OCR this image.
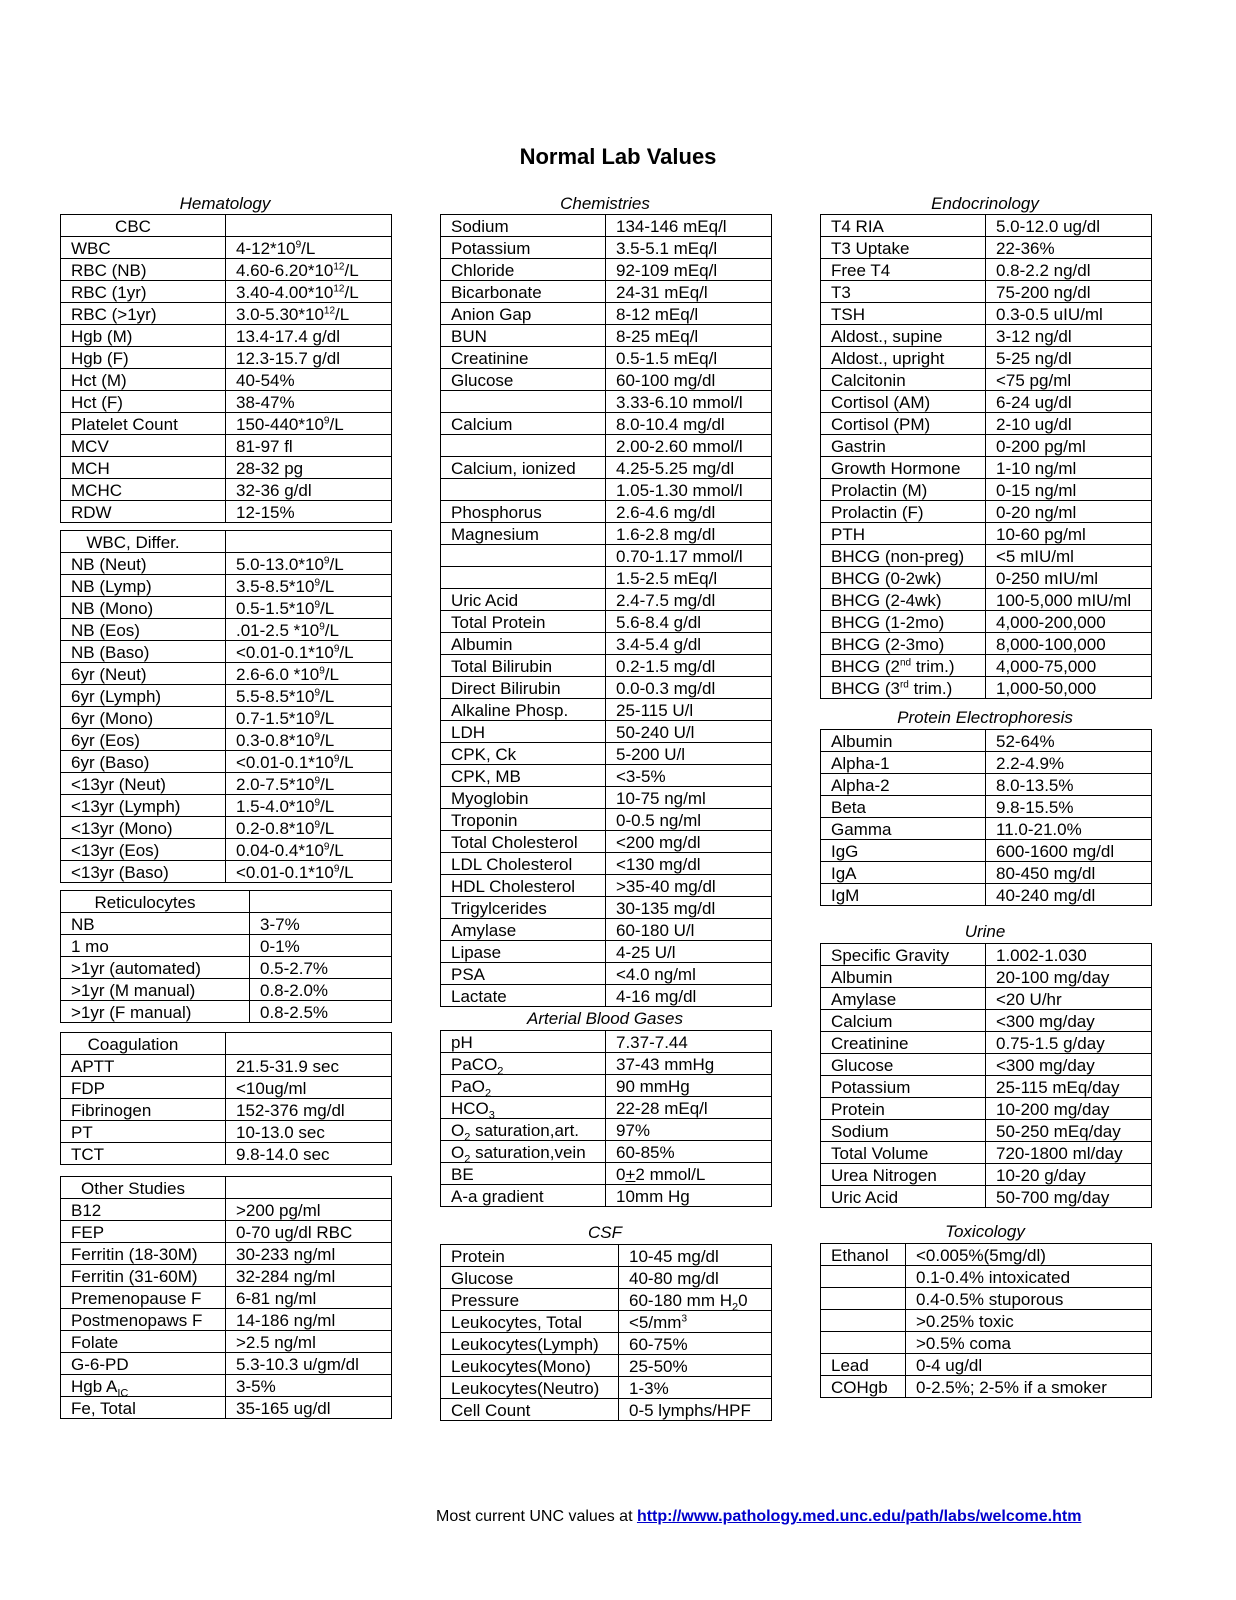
Normal Lab Values
Hematology
CBC	
WBC	$4-12*10^9/L$
RBC (NB)	$4.60-6.20*10^{12}/L$
RBC (1yr)	$3.40-4.00*10^{12}/L$
RBC (>1yr)	$3.0-5.30*10^{12}/L$
Hgb (M)	13.4-17.4 g/dl
Hgb (F)	12.3-15.7 g/dl
Hct (M)	40-54%
Hct (F)	38-47%
Platelet Count	$150-440*10^9/L$
MCV	81-97 fl
MCH	28-32 pg
MCHC	32-36 g/dl
RDW	12-15%
WBC, Differ.	
NB (Neut)	$5.0-13.0*10^9/L$
NB (Lymp)	$3.5-8.5*10^9/L$
NB (Mono)	$0.5-1.5*10^9/L$
NB (Eos)	.01-2.5 $*10^9/L$
NB (Baso)	$<0.01-0.1*10^9/L$
6yr (Neut)	2.6-6.0 $*10^9/L$
6yr (Lymph)	$5.5-8.5*10^9/L$
6yr (Mono)	$0.7-1.5*10^9/L$
6yr (Eos)	$0.3-0.8*10^9/L$
6yr (Baso)	$<0.01-0.1*10^9/L$
<13yr (Neut)	$2.0-7.5*10^9/L$
<13yr (Lymph)	$1.5-4.0*10^9/L$
<13yr (Mono)	$0.2-0.8*10^9/L$
<13yr (Eos)	$0.04-0.4*10^9/L$
<13yr (Baso)	$<0.01-0.1*10^9/L$
Reticulocytes	
NB	3-7%
1 mo	0-1%
>1yr (automated)	0.5-2.7%
>1yr (M manual)	0.8-2.0%
>1yr (F manual)	0.8-2.5%
Coagulation	
APTT	21.5-31.9 sec
FDP	<10ug/ml
Fibrinogen	152-376 mg/dl
PT	10-13.0 sec
TCT	9.8-14.0 sec
Other Studies	
B12	>200 pg/ml
FEP	0-70 ug/dl RBC
Ferritin (18-30M)	30-233 ng/ml
Ferritin (31-60M)	32-284 ng/ml
Premenopause F	6-81 ng/ml
Postmenopaws F	14-186 ng/ml
Folate	>2.5 ng/ml
G-6-PD	5.3-10.3 u/gm/dl
Hgb $A_{IC}$	3-5%
Fe, Total	35-165 ug/dl
Chemistries
Sodium	134-146 mEq/l
Potassium	3.5-5.1 mEq/l
Chloride	92-109 mEq/l
Bicarbonate	24-31 mEq/l
Anion Gap	8-12 mEq/l
BUN	8-25 mEq/l
Creatinine	0.5-1.5 mEq/l
Glucose	60-100 mg/dl
	3.33-6.10 mmol/l
Calcium	8.0-10.4 mg/dl
	2.00-2.60 mmol/l
Calcium, ionized	4.25-5.25 mg/dl
	1.05-1.30 mmol/l
Phosphorus	2.6-4.6 mg/dl
Magnesium	1.6-2.8 mg/dl
	0.70-1.17 mmol/l
	1.5-2.5 mEq/l
Uric Acid	2.4-7.5 mg/dl
Total Protein	5.6-8.4 g/dl
Albumin	3.4-5.4 g/dl
Total Bilirubin	0.2-1.5 mg/dl
Direct Bilirubin	0.0-0.3 mg/dl
Alkaline Phosp.	25-115 U/l
LDH	50-240 U/l
CPK, Ck	5-200 U/l
CPK, MB	<3-5%
Myoglobin	10-75 ng/ml
Troponin	0-0.5 ng/ml
Total Cholesterol	<200 mg/dl
LDL Cholesterol	<130 mg/dl
HDL Cholesterol	>35-40 mg/dl
Trigylcerides	30-135 mg/dl
Amylase	60-180 U/l
Lipase	4-25 U/l
PSA	<4.0 ng/ml
Lactate	4-16 mg/dl
Arterial Blood Gases
pH	7.37-7.44
PaCO$_2$	37-43 mmHg
PaO$_2$	90 mmHg
$HCO_3$	22-28 mEq/l
$O_2$ saturation,art.	97%
$O_2$ saturation,vein	60-85%
BE	0+2 mmol/L
A-a gradient	10mm Hg
CSF
Protein	10-45 mg/dl
Glucose	40-80 mg/dl
Pressure	60-180 mm $H_20$
Leukocytes, Total	$<5/mm^3$
Leukocytes(Lymph)	60-75%
Leukocytes(Mono)	25-50%
Leukocytes(Neutro)	1-3%
Cell Count	0-5 lymphs/HPF
Endocrinology
T4 RIA	5.0-12.0 ug/dl
T3 Uptake	22-36%
Free T4	0.8-2.2 ng/dl
T3	75-200 ng/dl
TSH	0.3-0.5 uIU/ml
Aldost., supine	3-12 ng/dl
Aldost., upright	5-25 ng/dl
Calcitonin	<75 pg/ml
Cortisol (AM)	6-24 ug/dl
Cortisol (PM)	2-10 ug/dl
Gastrin	0-200 pg/ml
Growth Hormone	1-10 ng/ml
Prolactin (M)	0-15 ng/ml
Prolactin (F)	0-20 ng/ml
PTH	10-60 pg/ml
BHCG (non-preg)	<5 mIU/ml
BHCG (0-2wk)	0-250 mIU/ml
BHCG (2-4wk)	100-5,000 mIU/ml
BHCG (1-2mo)	4,000-200,000
BHCG (2-3mo)	8,000-100,000
BHCG (2nd trim.)	4,000-75,000
BHCG (3rd trim.)	1,000-50,000
Protein Electrophoresis
Albumin	52-64%
Alpha-1	2.2-4.9%
Alpha-2	8.0-13.5%
Beta	9.8-15.5%
Gamma	11.0-21.0%
IgG	600-1600 mg/dl
IgA	80-450 mg/dl
IgM	40-240 mg/dl
Urine
Specific Gravity	1.002-1.030
Albumin	20-100 mg/day
Amylase	<20 U/hr
Calcium	<300 mg/day
Creatinine	0.75-1.5 g/day
Glucose	<300 mg/day
Potassium	25-115 mEq/day
Protein	10-200 mg/day
Sodium	50-250 mEq/day
Total Volume	720-1800 ml/day
Urea Nitrogen	10-20 g/day
Uric Acid	50-700 mg/day
Toxicology
Ethanol	<0.005%(5mg/dl)
	0.1-0.4% intoxicated
	0.4-0.5% stuporous
	>0.25% toxic
	>0.5% coma
Lead	0-4 ug/dl
COHgb	0-2.5%; 2-5% if a smoker
Most current UNC values at http://www.pathology.med.unc.edu/path/labs/welcome.htm
